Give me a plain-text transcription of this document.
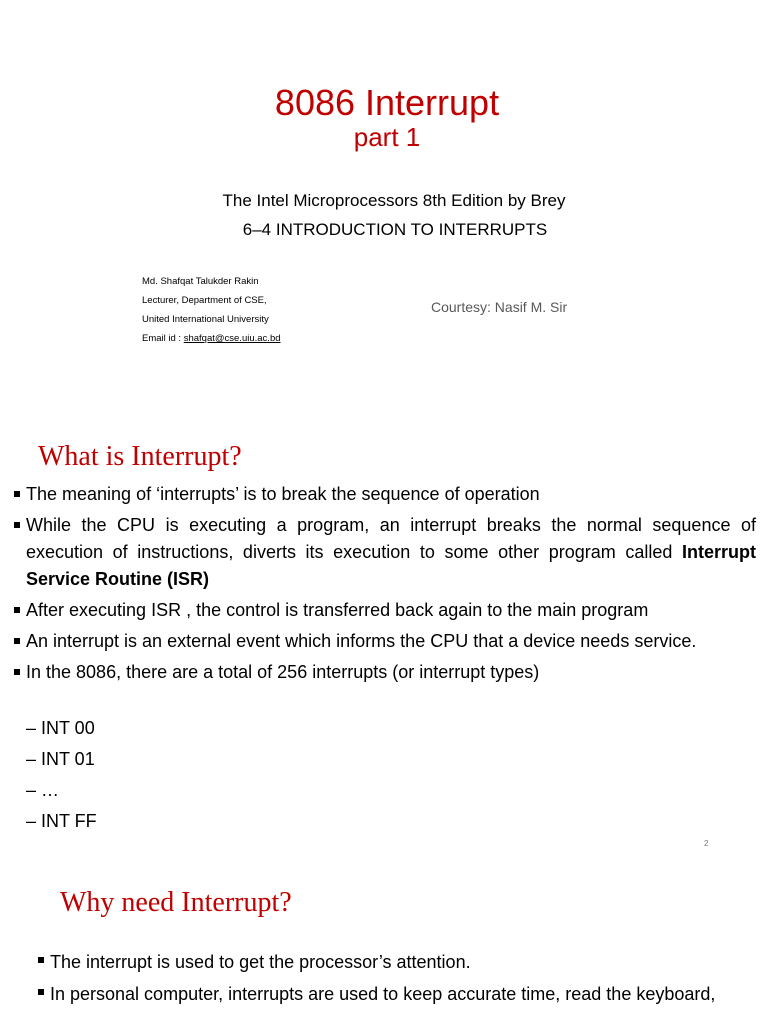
8086 Interrupt
part 1
The Intel Microprocessors 8th Edition by Brey
6–4 INTRODUCTION TO INTERRUPTS
Md. Shafqat Talukder Rakin
Lecturer, Department of CSE,
United International University
Email id : shafqat@cse.uiu.ac.bd
Courtesy: Nasif M. Sir
What is Interrupt?
The meaning of ‘interrupts’ is to break the sequence of operation
While the CPU is executing a program, an interrupt breaks the normal sequence of execution of instructions, diverts its execution to some other program called Interrupt Service Routine (ISR)
After executing ISR , the control is transferred back again to the main program
An interrupt is an external event which informs the CPU that a device needs service.
In the 8086, there are a total of 256 interrupts (or interrupt types)
– INT 00
– INT 01
– …
– INT FF
2
Why need Interrupt?
The interrupt is used to get the processor’s attention.
In personal computer, interrupts are used to keep accurate time, read the keyboard,
